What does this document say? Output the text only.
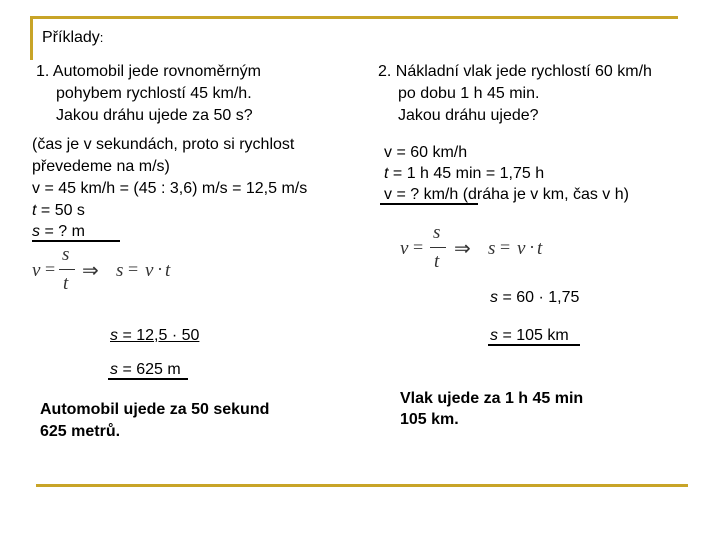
Příklady:
1. Automobil jede rovnoměrným
pohybem rychlostí 45 km/h.
Jakou dráhu ujede za 50 s?
(čas je v sekundách, proto si rychlost
převedeme na m/s)
v = 45 km/h = (45 : 3,6) m/s = 12,5 m/s
t = 50 s
s = ? m
v =
s
t
⇒ s = v · t
s = 12,5 · 50
s = 625 m
Automobil ujede za 50 sekund
625 metrů.
2. Nákladní vlak jede rychlostí 60 km/h
po dobu 1 h 45 min.
Jakou dráhu ujede?
v = 60 km/h
t = 1 h 45 min = 1,75 h
v = ? km/h (dráha je v km, čas v h)
v =
s
t
⇒ s = v · t
s = 60 · 1,75
s = 105 km
Vlak ujede za 1 h 45 min
105 km.
